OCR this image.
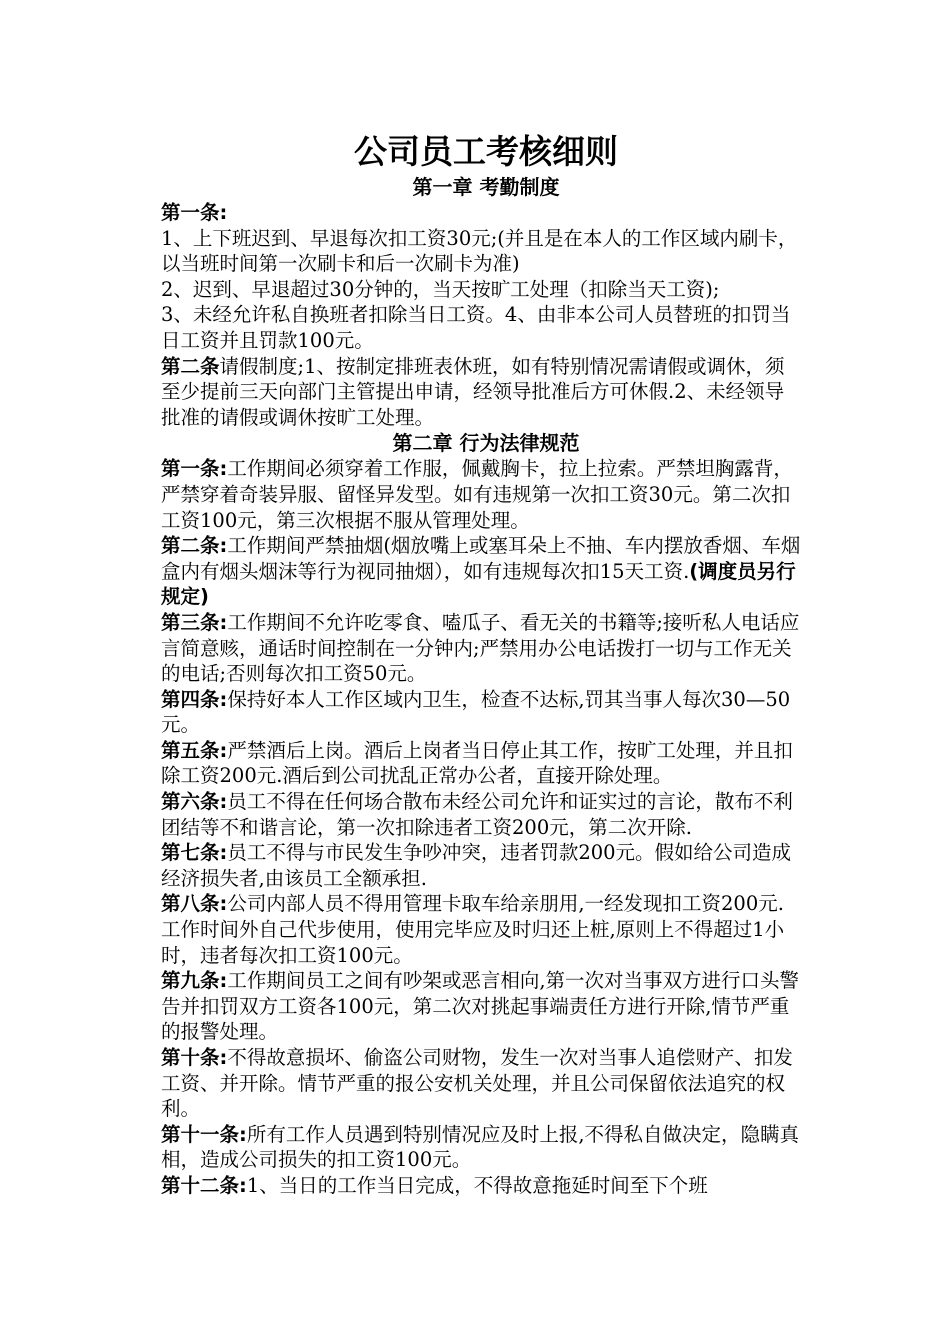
公司员工考核细则
第一章 考勤制度

第一条:

1、上下班迟到、早退每次扣工资30元;(并且是在本人的工作区域内刷卡，以当班时间第一次刷卡和后一次刷卡为准)

2、迟到、早退超过30分钟的，当天按旷工处理（扣除当天工资);

3、未经允许私自换班者扣除当日工资。4、由非本公司人员替班的扣罚当日工资并且罚款100元。

第二条请假制度;1、按制定排班表休班，如有特别情况需请假或调休，须至少提前三天向部门主管提出申请，经领导批准后方可休假.2、未经领导批准的请假或调休按旷工处理。

第二章 行为法律规范

第一条:工作期间必须穿着工作服，佩戴胸卡，拉上拉索。严禁坦胸露背，严禁穿着奇装异服、留怪异发型。如有违规第一次扣工资30元。第二次扣工资100元，第三次根据不服从管理处理。

第二条:工作期间严禁抽烟(烟放嘴上或塞耳朵上不抽、车内摆放香烟、车烟盒内有烟头烟沫等行为视同抽烟），如有违规每次扣15天工资.(调度员另行规定)

第三条:工作期间不允许吃零食、嗑瓜子、看无关的书籍等;接听私人电话应言简意赅，通话时间控制在一分钟内;严禁用办公电话拨打一切与工作无关的电话;否则每次扣工资50元。

第四条:保持好本人工作区域内卫生，检查不达标,罚其当事人每次30—50元。

第五条:严禁酒后上岗。酒后上岗者当日停止其工作，按旷工处理，并且扣除工资200元.酒后到公司扰乱正常办公者，直接开除处理。

第六条:员工不得在任何场合散布未经公司允许和证实过的言论，散布不利团结等不和谐言论，第一次扣除违者工资200元，第二次开除.

第七条:员工不得与市民发生争吵冲突，违者罚款200元。假如给公司造成经济损失者,由该员工全额承担.

第八条:公司内部人员不得用管理卡取车给亲朋用,一经发现扣工资200元.工作时间外自己代步使用，使用完毕应及时归还上桩,原则上不得超过1小时，违者每次扣工资100元。

第九条:工作期间员工之间有吵架或恶言相向,第一次对当事双方进行口头警告并扣罚双方工资各100元，第二次对挑起事端责任方进行开除,情节严重的报警处理。

第十条:不得故意损坏、偷盗公司财物，发生一次对当事人追偿财产、扣发工资、并开除。情节严重的报公安机关处理，并且公司保留依法追究的权利。

第十一条:所有工作人员遇到特别情况应及时上报,不得私自做决定，隐瞒真相，造成公司损失的扣工资100元。

第十二条:1、当日的工作当日完成，不得故意拖延时间至下个班
